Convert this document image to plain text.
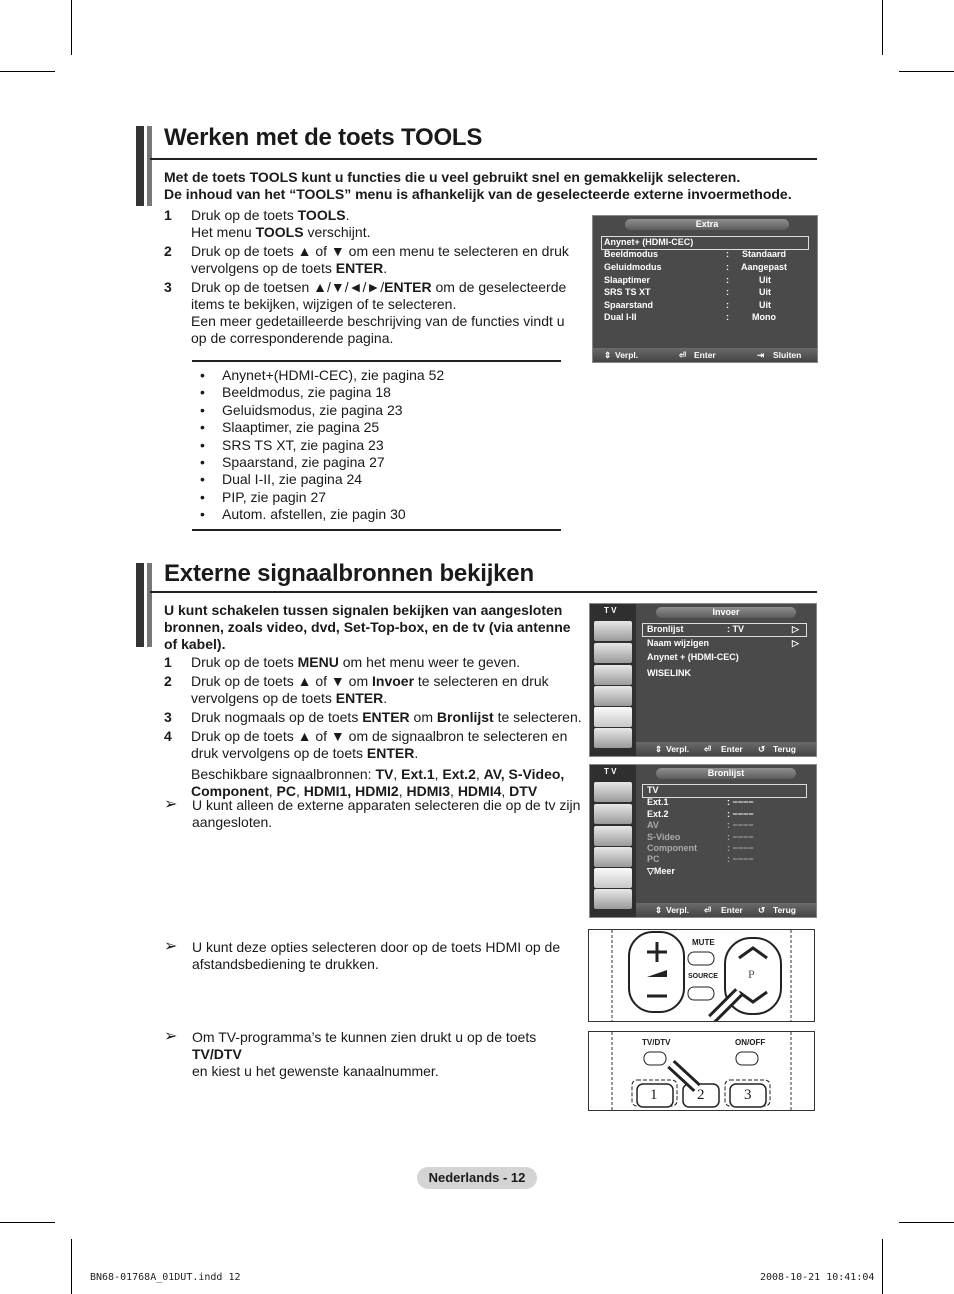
Werken met de toets TOOLS
Met de toets TOOLS kunt u functies die u veel gebruikt snel en gemakkelijk selecteren.
De inhoud van het “TOOLS” menu is afhankelijk van de geselecteerde externe invoermethode.
1	Druk op de toets TOOLS.
Het menu TOOLS verschijnt.
2	Druk op de toets ▲ of ▼ om een menu te selecteren en druk vervolgens op de toets ENTER.
3	Druk op de toetsen ▲/▼/◄/►/ENTER om de geselecteerde items te bekijken, wijzigen of te selecteren.
Een meer gedetailleerde beschrijving van de functies vindt u op de corresponderende pagina.
•	Anynet+(HDMI-CEC), zie pagina 52
•	Beeldmodus, zie pagina 18
•	Geluidsmodus, zie pagina 23
•	Slaaptimer, zie pagina 25
•	SRS TS XT, zie pagina 23
•	Spaarstand, zie pagina 27
•	Dual I-II, zie pagina 24
•	PIP, zie pagin 27
•	Autom. afstellen, zie pagin 30
Extra
Anynet+ (HDMI-CEC)
Beeldmodus	: Standaard
Geluidmodus	: Aangepast
Slaaptimer	:	Uit
SRS TS XT	:	Uit
Spaarstand	:	Uit
Dual I-II	:	Mono
⇕ Verpl.	⏎ Enter	⇥ Sluiten
Externe signaalbronnen bekijken
U kunt schakelen tussen signalen bekijken van aangesloten bronnen, zoals video, dvd, Set-Top-box, en de tv (via antenne of kabel).
1	Druk op de toets MENU om het menu weer te geven.
2	Druk op de toets ▲ of ▼ om Invoer te selecteren en druk vervolgens op de toets ENTER.
3	Druk nogmaals op de toets ENTER om Bronlijst te selecteren.
4	Druk op de toets ▲ of ▼ om de signaalbron te selecteren en druk vervolgens op de toets ENTER.
Beschikbare signaalbronnen: TV, Ext.1, Ext.2, AV, S-Video, Component, PC, HDMI1, HDMI2, HDMI3, HDMI4, DTV
➢	U kunt alleen de externe apparaten selecteren die op de tv zijn aangesloten.
➢	U kunt deze opties selecteren door op de toets HDMI op de afstandsbediening te drukken.
➢	Om TV-programma’s te kunnen zien drukt u op de toets TV/DTV
en kiest u het gewenste kanaalnummer.
T V	Invoer
Bronlijst	: TV	▷
Naam wijzigen	▷
Anynet + (HDMI-CEC)
WISELINK
⇕ Verpl. ⏎ Enter ↺ Terug
T V	Bronlijst
TV
Ext.1	: −−−−
Ext.2	: −−−−
AV	: −−−−
S-Video	: −−−−
Component	: −−−−
PC	: −−−−
▽Meer
⇕ Verpl. ⏎ Enter ↺ Terug
MUTE
SOURCE	P
TV/DTV	ON/OFF
1	2	3
Nederlands - 12
BN68-01768A_01DUT.indd 12	2008-10-21 10:41:04
